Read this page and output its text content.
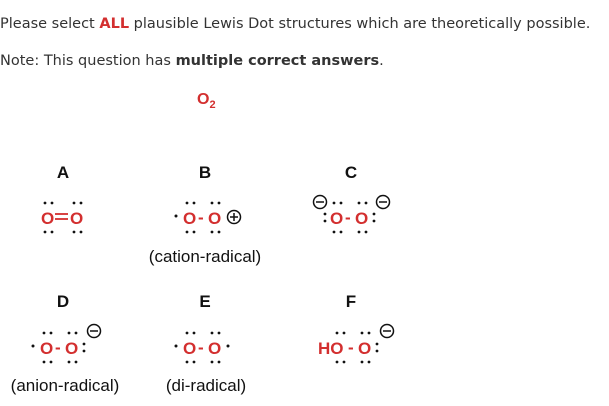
Please select ALL plausible Lewis Dot structures which are theoretically possible.
Note: This question has multiple correct answers.
$O_2$
A	B	C
D	E	F
(cation-radical)
(anion-radical)	(di-radical)
O O	O - O	O - O
O - O	O - O	HO - O
